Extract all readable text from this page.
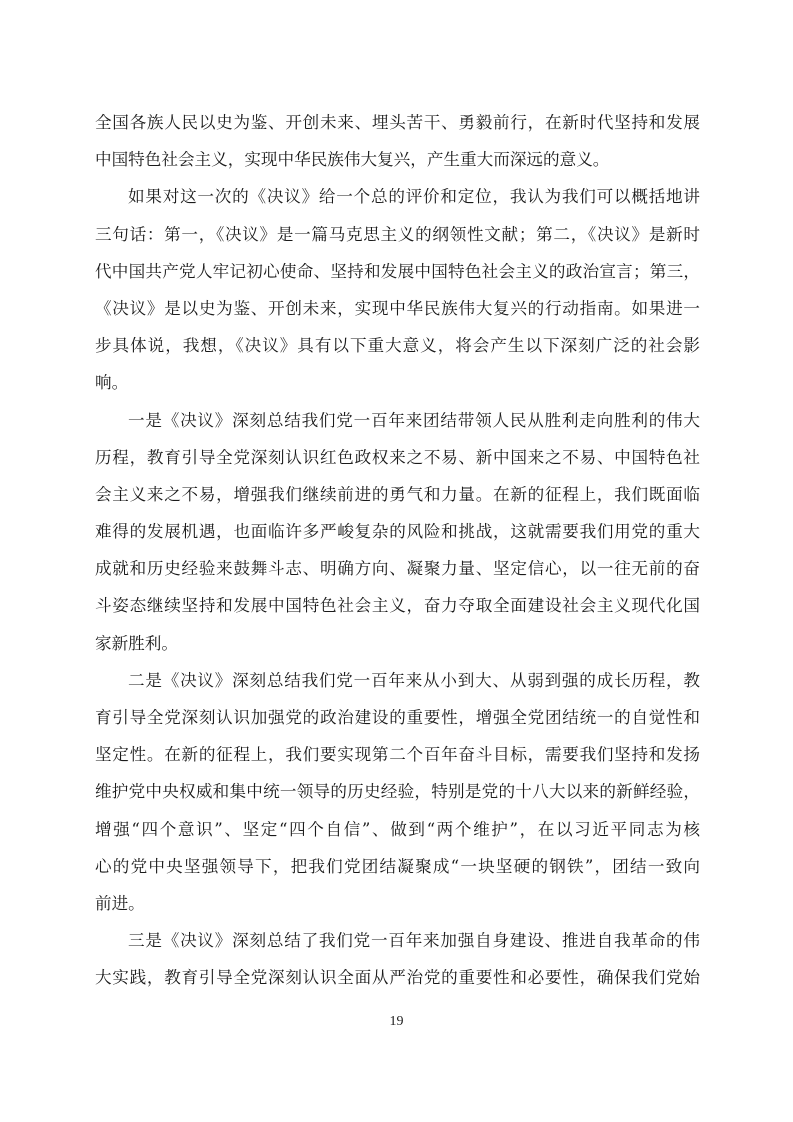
全国各族人民以史为鉴、开创未来、埋头苦干、勇毅前行，在新时代坚持和发展
中国特色社会主义，实现中华民族伟大复兴，产生重大而深远的意义。
如果对这一次的《决议》给一个总的评价和定位，我认为我们可以概括地讲
三句话：第一，《决议》是一篇马克思主义的纲领性文献；第二，《决议》是新时
代中国共产党人牢记初心使命、坚持和发展中国特色社会主义的政治宣言；第三，
《决议》是以史为鉴、开创未来，实现中华民族伟大复兴的行动指南。如果进一
步具体说，我想，《决议》具有以下重大意义，将会产生以下深刻广泛的社会影
响。
一是《决议》深刻总结我们党一百年来团结带领人民从胜利走向胜利的伟大
历程，教育引导全党深刻认识红色政权来之不易、新中国来之不易、中国特色社
会主义来之不易，增强我们继续前进的勇气和力量。在新的征程上，我们既面临
难得的发展机遇，也面临许多严峻复杂的风险和挑战，这就需要我们用党的重大
成就和历史经验来鼓舞斗志、明确方向、凝聚力量、坚定信心，以一往无前的奋
斗姿态继续坚持和发展中国特色社会主义，奋力夺取全面建设社会主义现代化国
家新胜利。
二是《决议》深刻总结我们党一百年来从小到大、从弱到强的成长历程，教
育引导全党深刻认识加强党的政治建设的重要性，增强全党团结统一的自觉性和
坚定性。在新的征程上，我们要实现第二个百年奋斗目标，需要我们坚持和发扬
维护党中央权威和集中统一领导的历史经验，特别是党的十八大以来的新鲜经验，
增强“四个意识”、坚定“四个自信”、做到“两个维护”，在以习近平同志为核
心的党中央坚强领导下，把我们党团结凝聚成“一块坚硬的钢铁”，团结一致向
前进。
三是《决议》深刻总结了我们党一百年来加强自身建设、推进自我革命的伟
大实践，教育引导全党深刻认识全面从严治党的重要性和必要性，确保我们党始
19
